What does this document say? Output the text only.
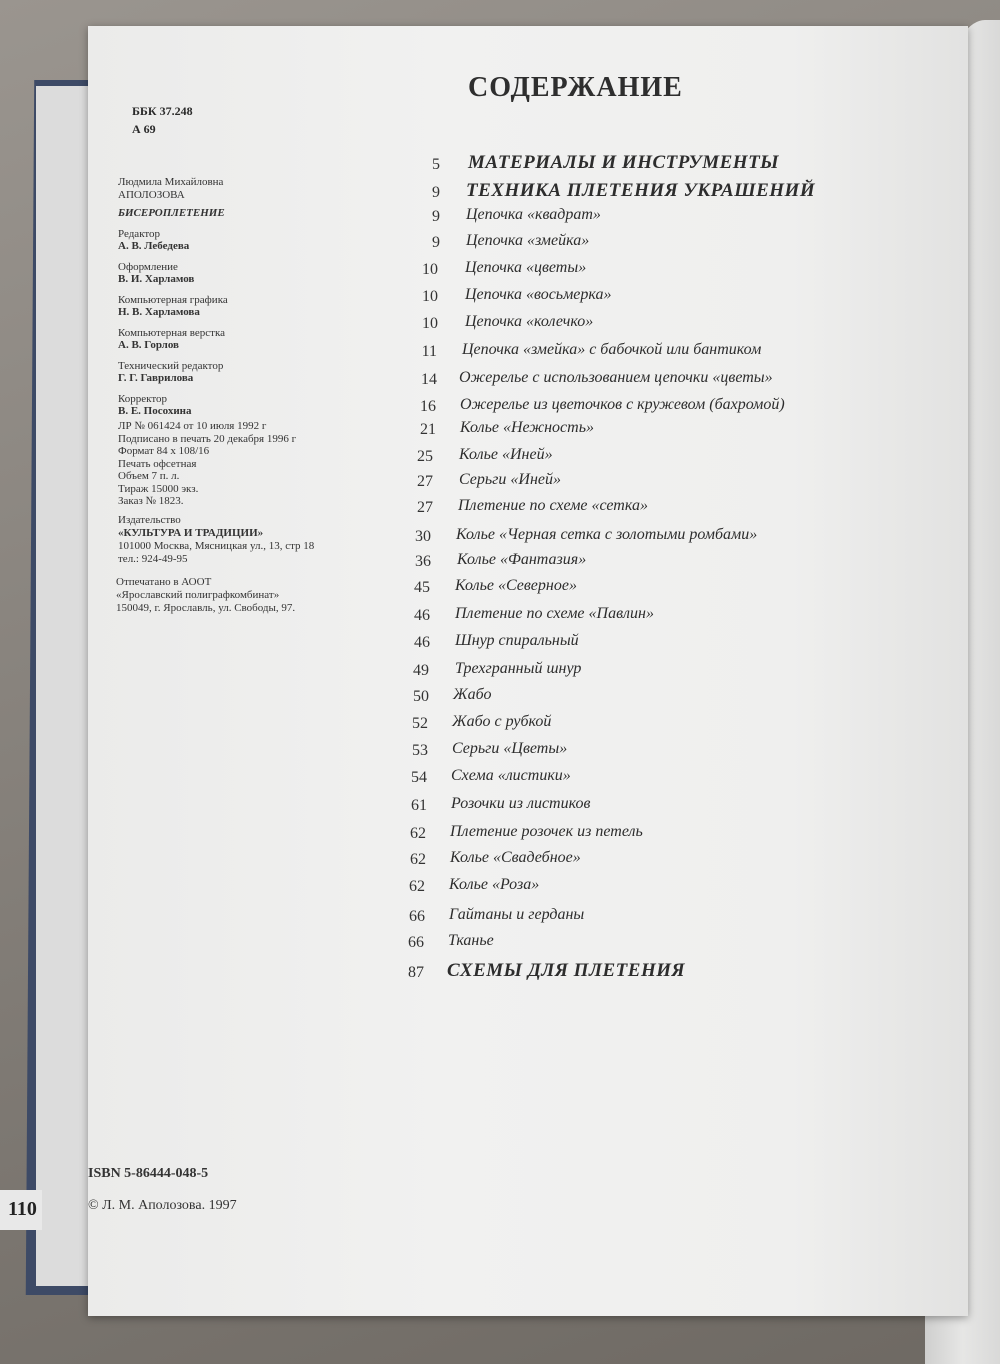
110
ББК 37.248
А 69
Людмила Михайловна
АПОЛОЗОВА
БИСЕРОПЛЕТЕНИЕ
Редактор
А. В. Лебедева
Оформление
В. И. Харламов
Компьютерная графика
Н. В. Харламова
Компьютерная верстка
А. В. Горлов
Технический редактор
Г. Г. Гаврилова
Корректор
В. Е. Посохина
ЛР № 061424 от 10 июля 1992 г
Подписано в печать 20 декабря 1996 г
Формат 84 х 108/16
Печать офсетная
Объем 7 п. л.
Тираж 15000 экз.
Заказ № 1823.
Издательство
«КУЛЬТУРА И ТРАДИЦИИ»
101000 Москва, Мясницкая ул., 13, стр 18
тел.: 924-49-95
Отпечатано в АООТ
«Ярославский полиграфкомбинат»
150049, г. Ярославль, ул. Свободы, 97.
СОДЕРЖАНИЕ
5 МАТЕРИАЛЫ И ИНСТРУМЕНТЫ
9 ТЕХНИКА ПЛЕТЕНИЯ УКРАШЕНИЙ
9 Цепочка «квадрат»
9 Цепочка «змейка»
10 Цепочка «цветы»
10 Цепочка «восьмерка»
10 Цепочка «колечко»
11 Цепочка «змейка» с бабочкой или бантиком
14 Ожерелье с использованием цепочки «цветы»
16 Ожерелье из цветочков с кружевом (бахромой)
21 Колье «Нежность»
25 Колье «Иней»
27 Серьги «Иней»
27 Плетение по схеме «сетка»
30 Колье «Черная сетка с золотыми ромбами»
36 Колье «Фантазия»
45 Колье «Северное»
46 Плетение по схеме «Павлин»
46 Шнур спиральный
49 Трехгранный шнур
50 Жабо
52 Жабо с рубкой
53 Серьги «Цветы»
54 Схема «листики»
61 Розочки из листиков
62 Плетение розочек из петель
62 Колье «Свадебное»
62 Колье «Роза»
66 Гайтаны и герданы
66 Тканье
87 СХЕМЫ ДЛЯ ПЛЕТЕНИЯ
ISBN 5-86444-048-5
© Л. М. Аполозова. 1997
